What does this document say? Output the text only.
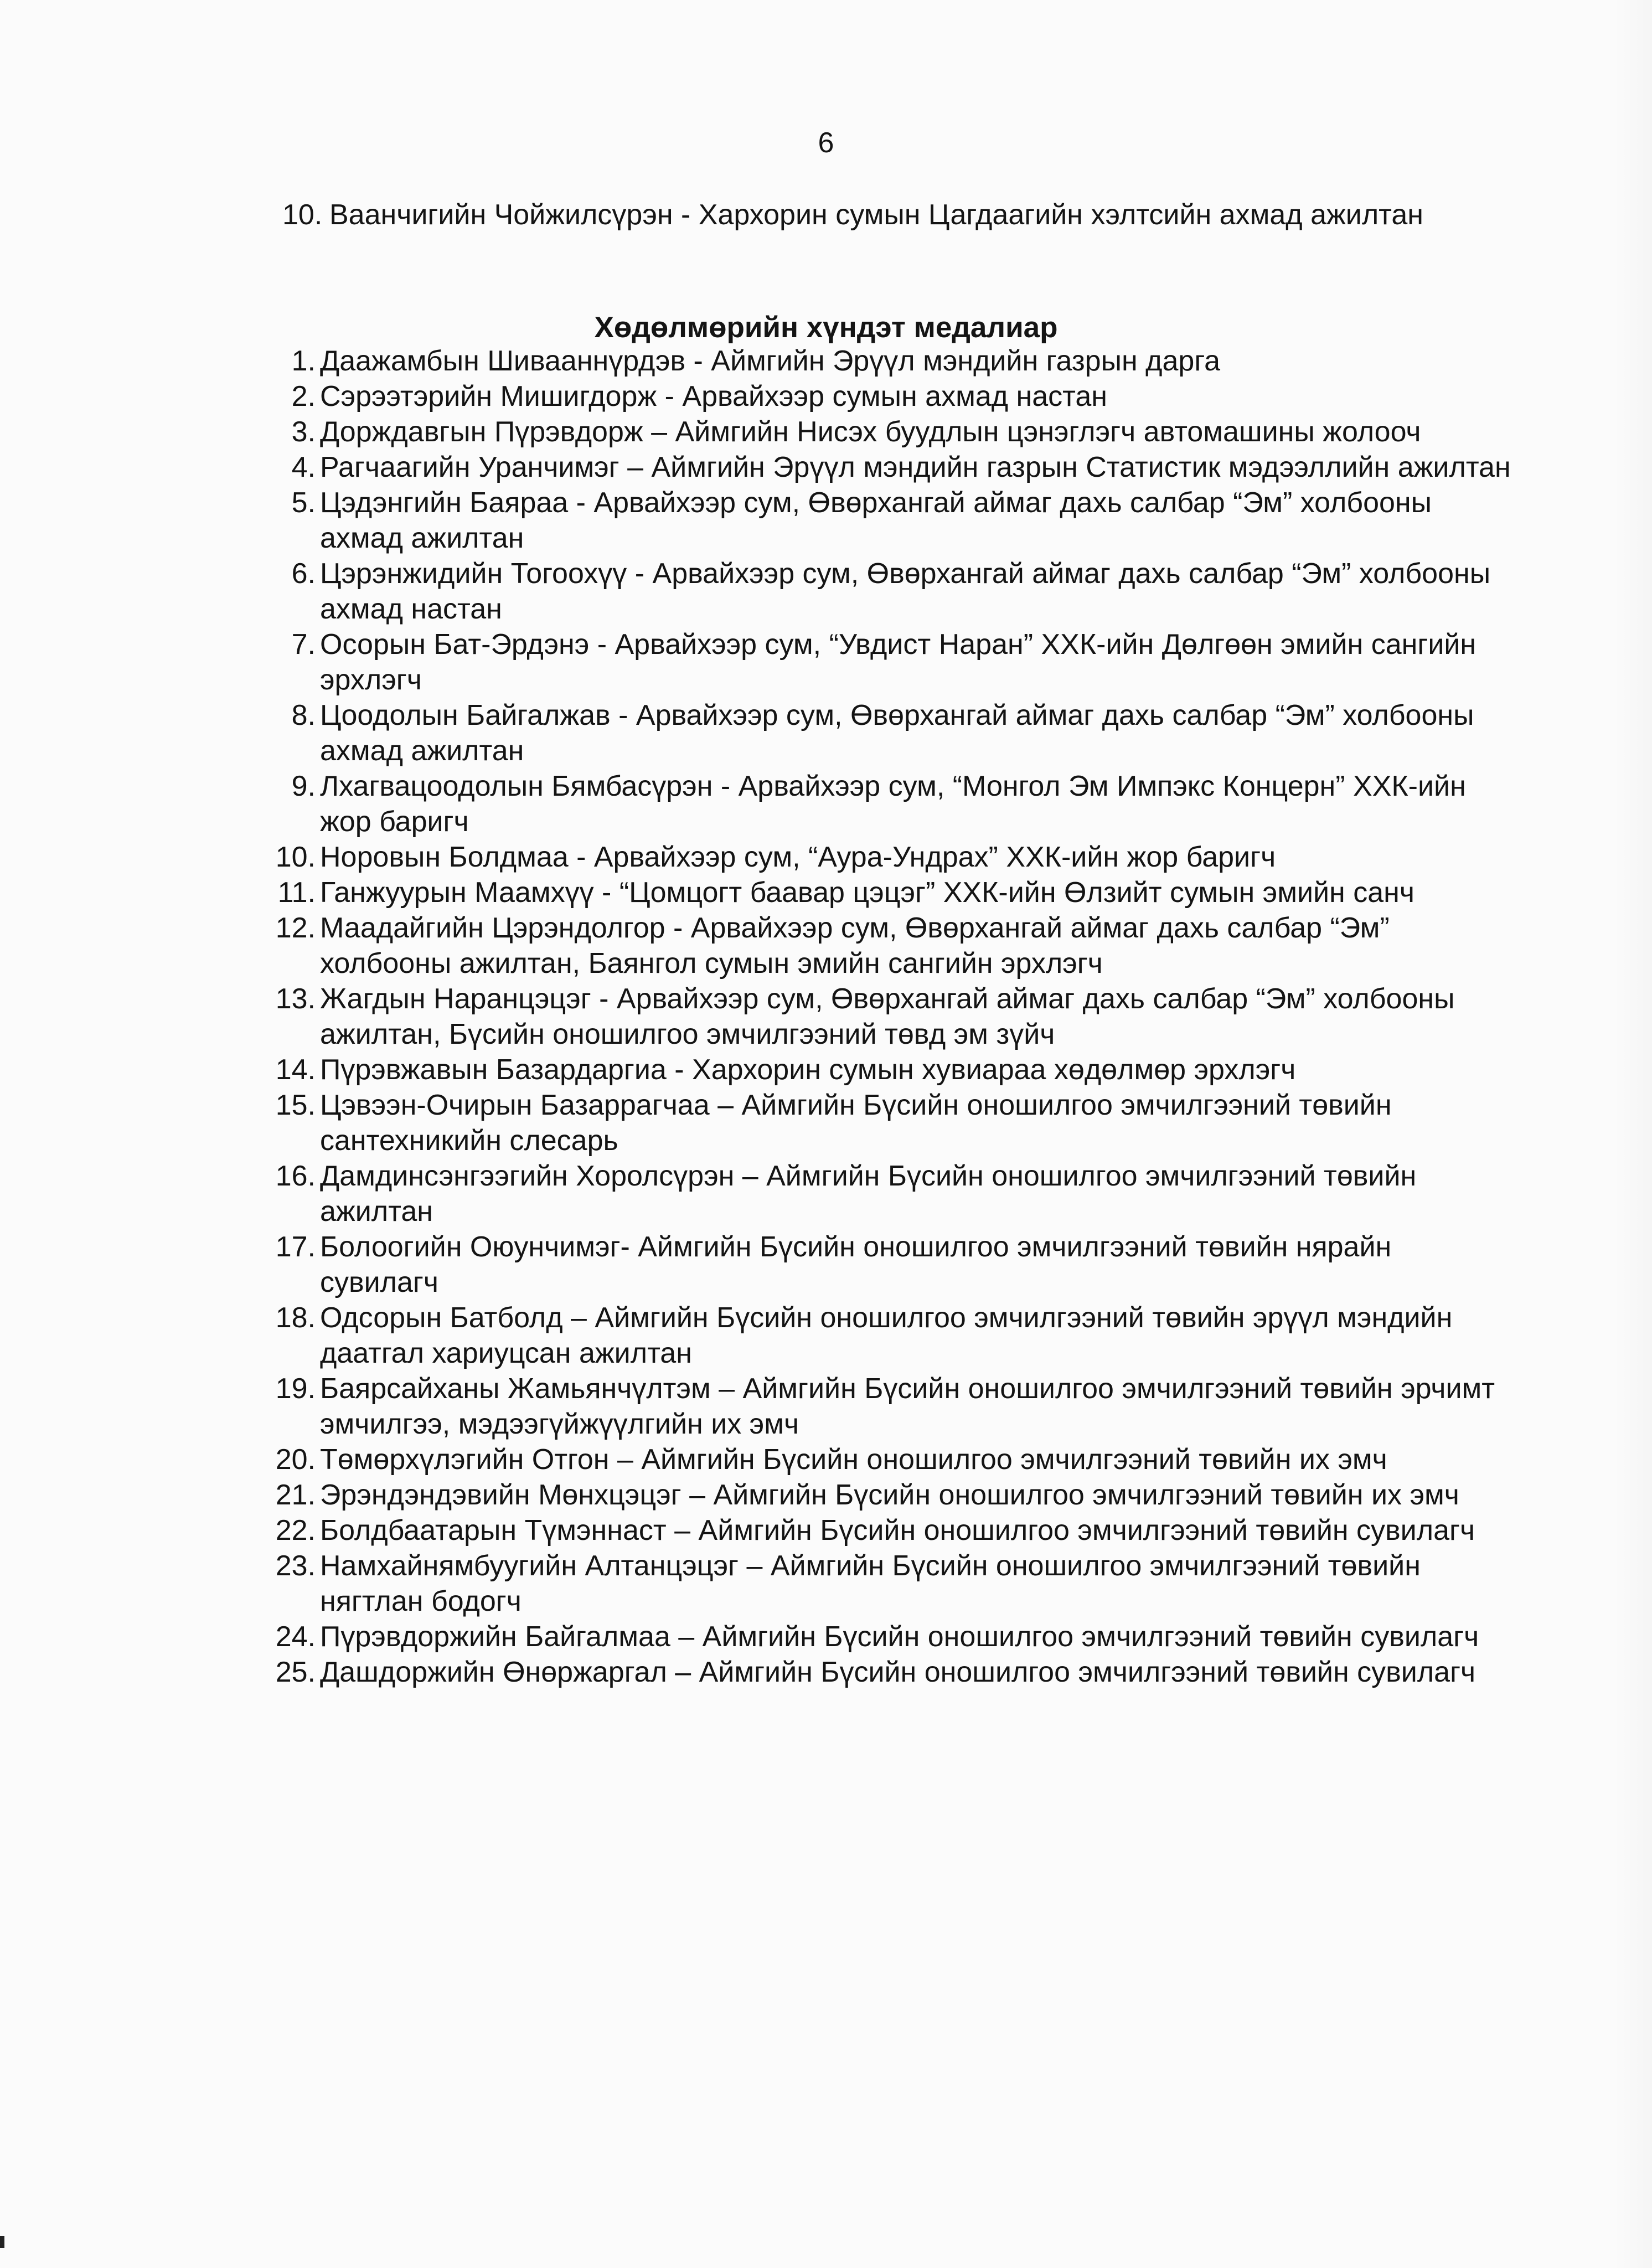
6
10. Ваанчигийн Чойжилсүрэн - Хархорин сумын Цагдаагийн хэлтсийн ахмад ажилтан
Хөдөлмөрийн хүндэт медалиар
1. Даажамбын Шивааннүрдэв - Аймгийн Эрүүл мэндийн газрын дарга
2. Сэрээтэрийн Мишигдорж - Арвайхээр сумын ахмад настан
3. Дорждавгын Пүрэвдорж – Аймгийн Нисэх буудлын цэнэглэгч автомашины жолооч
4. Рагчаагийн Уранчимэг – Аймгийн Эрүүл мэндийн газрын Статистик мэдээллийн ажилтан
5. Цэдэнгийн Баяраа - Арвайхээр сум, Өвөрхангай аймаг дахь салбар “Эм” холбооны ахмад ажилтан
6. Цэрэнжидийн Тогоохүү - Арвайхээр сум, Өвөрхангай аймаг дахь салбар “Эм” холбооны ахмад настан
7. Осорын Бат-Эрдэнэ - Арвайхээр сум, “Увдист Наран” ХХК-ийн Дөлгөөн эмийн сангийн эрхлэгч
8. Цоодолын Байгалжав - Арвайхээр сум, Өвөрхангай аймаг дахь салбар “Эм” холбооны ахмад ажилтан
9. Лхагвацоодолын Бямбасүрэн - Арвайхээр сум, “Монгол Эм Импэкс Концерн” ХХК-ийн жор баригч
10. Норовын Болдмаа - Арвайхээр сум, “Аура-Ундрах” ХХК-ийн жор баригч
11. Ганжуурын Маамхүү - “Цомцогт баавар цэцэг” ХХК-ийн Өлзийт сумын эмийн санч
12. Маадайгийн Цэрэндолгор - Арвайхээр сум, Өвөрхангай аймаг дахь салбар “Эм” холбооны ажилтан, Баянгол сумын эмийн сангийн эрхлэгч
13. Жагдын Наранцэцэг - Арвайхээр сум, Өвөрхангай аймаг дахь салбар “Эм” холбооны ажилтан, Бүсийн оношилгоо эмчилгээний төвд эм зүйч
14. Пүрэвжавын Базардаргиа - Хархорин сумын хувиараа хөдөлмөр эрхлэгч
15. Цэвээн-Очирын Базаррагчаа – Аймгийн Бүсийн оношилгоо эмчилгээний төвийн сантехникийн слесарь
16. Дамдинсэнгээгийн Хоролсүрэн – Аймгийн Бүсийн оношилгоо эмчилгээний төвийн ажилтан
17. Болоогийн Оюунчимэг- Аймгийн Бүсийн оношилгоо эмчилгээний төвийн нярайн сувилагч
18. Одсорын Батболд – Аймгийн Бүсийн оношилгоо эмчилгээний төвийн эрүүл мэндийн даатгал хариуцсан ажилтан
19. Баярсайханы Жамьянчүлтэм – Аймгийн Бүсийн оношилгоо эмчилгээний төвийн эрчимт эмчилгээ, мэдээгүйжүүлгийн их эмч
20. Төмөрхүлэгийн Отгон – Аймгийн Бүсийн оношилгоо эмчилгээний төвийн их эмч
21. Эрэндэндэвийн Мөнхцэцэг – Аймгийн Бүсийн оношилгоо эмчилгээний төвийн их эмч
22. Болдбаатарын Түмэннаст – Аймгийн Бүсийн оношилгоо эмчилгээний төвийн сувилагч
23. Намхайнямбуугийн Алтанцэцэг – Аймгийн Бүсийн оношилгоо эмчилгээний төвийн нягтлан бодогч
24. Пүрэвдоржийн Байгалмаа – Аймгийн Бүсийн оношилгоо эмчилгээний төвийн сувилагч
25. Дашдоржийн Өнөржаргал – Аймгийн Бүсийн оношилгоо эмчилгээний төвийн сувилагч
